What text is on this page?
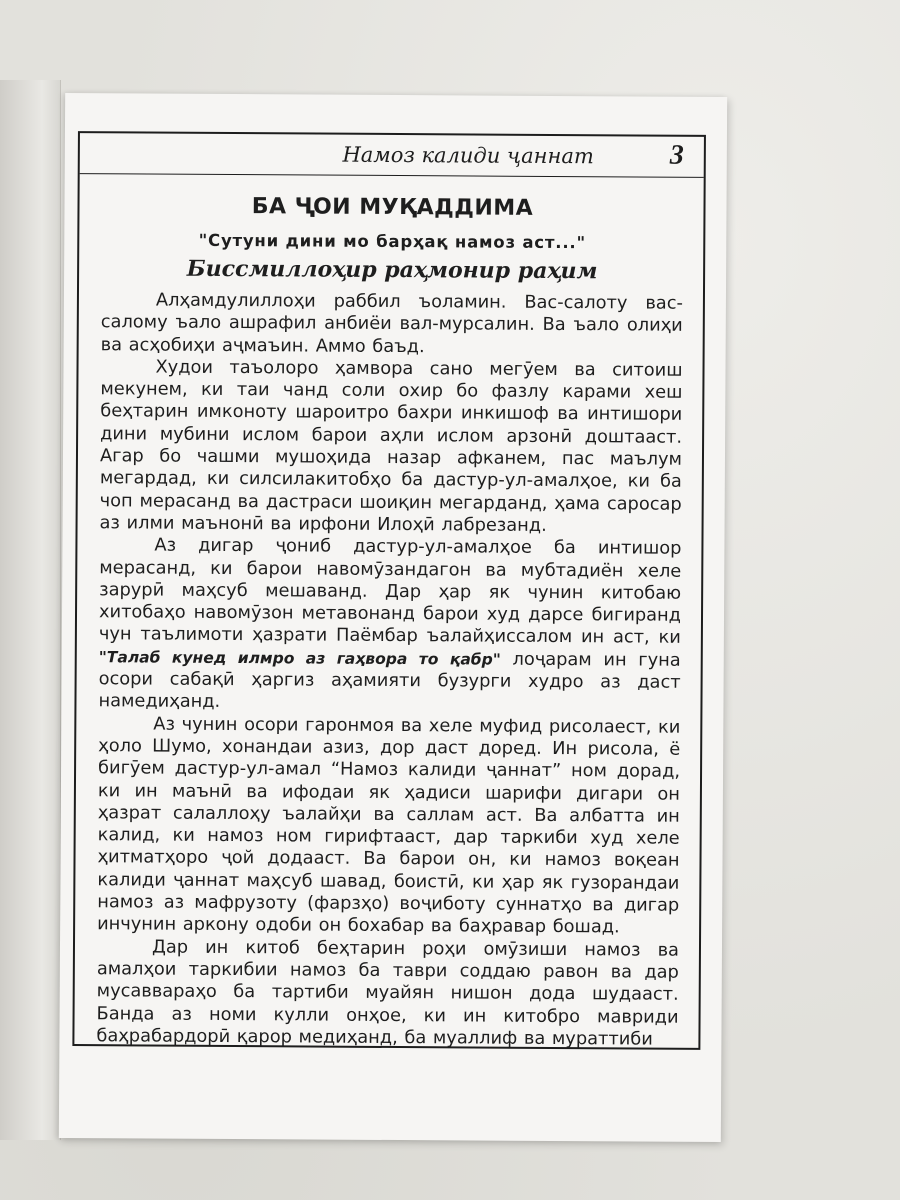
Намоз калиди ҷаннат	3
БА ҶОИ МУҚАДДИМА
"Сутуни дини мо барҳақ намоз аст..."
Биссмиллоҳир раҳмонир раҳим

Алҳамдулиллоҳи раббил ъоламин. Вас-салоту вас-салому ъало ашрафил анбиёи вал-мурсалин. Ва ъало олиҳи ва асҳобиҳи аҷмаъин. Аммо баъд.

Худои таъолоро ҳамвора сано мегӯем ва ситоиш мекунем, ки таи чанд соли охир бо фазлу карами хеш беҳтарин имконоту шароитро бахри инкишоф ва интишори дини мубини ислом барои аҳли ислом арзонӣ доштааст. Агар бо чашми мушоҳида назар афканем, пас маълум мегардад, ки силсилакитобҳо ба дастур-ул-амалҳое, ки ба чоп мерасанд ва дастраси шоиқин мегарданд, ҳама саросар аз илми маънонӣ ва ирфони Илоҳӣ лабрезанд.

Аз дигар ҷониб дастур-ул-амалҳое ба интишор мерасанд, ки барои навомӯзандагон ва мубтадиён хеле зарурӣ маҳсуб мешаванд. Дар ҳар як чунин китобаю хитобаҳо навомӯзон метавонанд барои худ дарсе бигиранд чун таълимоти ҳазрати Паёмбар ъалайҳиссалом ин аст, ки "Талаб кунед илмро аз гаҳвора то қабр" лоҷарам ин гуна осори сабақӣ ҳаргиз аҳамияти бузурги худро аз даст намедиҳанд.

Аз чунин осори гаронмоя ва хеле муфид рисолаест, ки ҳоло Шумо, хонандаи азиз, дор даст доред. Ин рисола, ё бигӯем дастур-ул-амал “Намоз калиди ҷаннат” ном дорад, ки ин маънӣ ва ифодаи як ҳадиси шарифи дигари он ҳазрат салаллоҳу ъалайҳи ва саллам аст. Ва албатта ин калид, ки намоз ном гирифтааст, дар таркиби худ хеле ҳитматҳоро ҷой додааст. Ва барои он, ки намоз воқеан калиди ҷаннат маҳсуб шавад, боистӣ, ки ҳар як гузорандаи намоз аз мафрузоту (фарзҳо) воҷиботу суннатҳо ва дигар инчунин аркону одоби он бохабар ва баҳравар бошад.

Дар ин китоб беҳтарин роҳи омӯзиши намоз ва амалҳои таркибии намоз ба таври соддаю равон ва дар мусаввараҳо ба тартиби муайян нишон дода шудааст. Банда аз номи кулли онҳое, ки ин китобро мавриди баҳрабардорӣ қарор медиҳанд, ба муаллиф ва мураттиби
